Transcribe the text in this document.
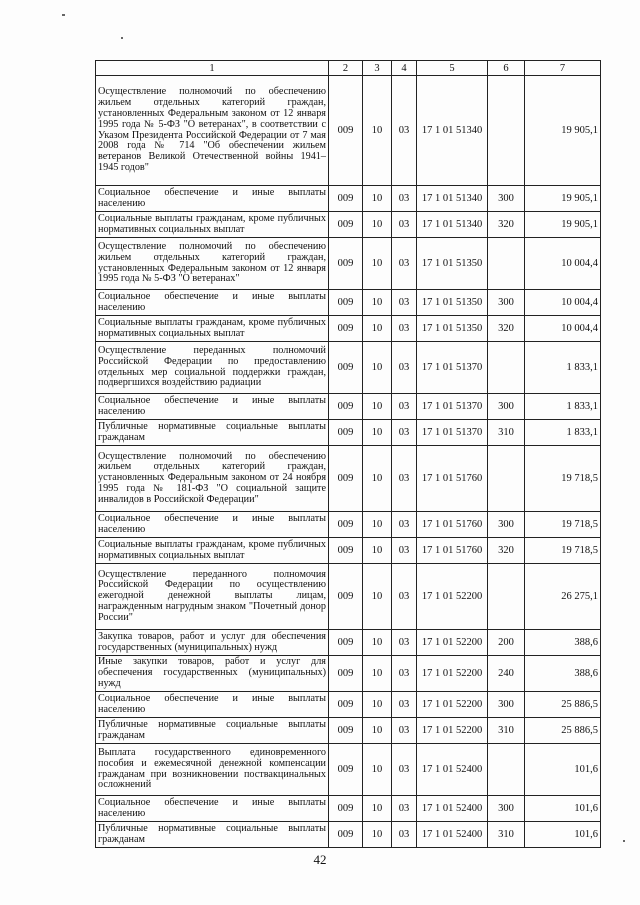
1	2	3	4	5	6	7
Осуществление полномочий по обеспечению жильем отдельных категорий граждан, установленных Федеральным законом от 12 января 1995 года № 5-ФЗ "О ветеранах", в соответствии с Указом Президента Российской Федерации от 7 мая 2008 года № 714 "Об обеспечении жильем ветеранов Великой Отечественной войны 1941–1945 годов"	009	10	03	17 1 01 51340		19 905,1
Социальное обеспечение и иные выплаты населению	009	10	03	17 1 01 51340	300	19 905,1
Социальные выплаты гражданам, кроме публичных нормативных социальных выплат	009	10	03	17 1 01 51340	320	19 905,1
Осуществление полномочий по обеспечению жильем отдельных категорий граждан, установленных Федеральным законом от 12 января 1995 года № 5-ФЗ "О ветеранах"	009	10	03	17 1 01 51350		10 004,4
Социальное обеспечение и иные выплаты населению	009	10	03	17 1 01 51350	300	10 004,4
Социальные выплаты гражданам, кроме публичных нормативных социальных выплат	009	10	03	17 1 01 51350	320	10 004,4
Осуществление переданных полномочий Российской Федерации по предоставлению отдельных мер социальной поддержки граждан, подвергшихся воздействию радиации	009	10	03	17 1 01 51370		1 833,1
Социальное обеспечение и иные выплаты населению	009	10	03	17 1 01 51370	300	1 833,1
Публичные нормативные социальные выплаты гражданам	009	10	03	17 1 01 51370	310	1 833,1
Осуществление полномочий по обеспечению жильем отдельных категорий граждан, установленных Федеральным законом от 24 ноября 1995 года № 181-ФЗ "О социальной защите инвалидов в Российской Федерации"	009	10	03	17 1 01 51760		19 718,5
Социальное обеспечение и иные выплаты населению	009	10	03	17 1 01 51760	300	19 718,5
Социальные выплаты гражданам, кроме публичных нормативных социальных выплат	009	10	03	17 1 01 51760	320	19 718,5
Осуществление переданного полномочия Российской Федерации по осуществлению ежегодной денежной выплаты лицам, награжденным нагрудным знаком "Почетный донор России"	009	10	03	17 1 01 52200		26 275,1
Закупка товаров, работ и услуг для обеспечения государственных (муниципальных) нужд	009	10	03	17 1 01 52200	200	388,6
Иные закупки товаров, работ и услуг для обеспечения государственных (муниципальных) нужд	009	10	03	17 1 01 52200	240	388,6
Социальное обеспечение и иные выплаты населению	009	10	03	17 1 01 52200	300	25 886,5
Публичные нормативные социальные выплаты гражданам	009	10	03	17 1 01 52200	310	25 886,5
Выплата государственного единовременного пособия и ежемесячной денежной компенсации гражданам при возникновении поствакцинальных осложнений	009	10	03	17 1 01 52400		101,6
Социальное обеспечение и иные выплаты населению	009	10	03	17 1 01 52400	300	101,6
Публичные нормативные социальные выплаты гражданам	009	10	03	17 1 01 52400	310	101,6
42
